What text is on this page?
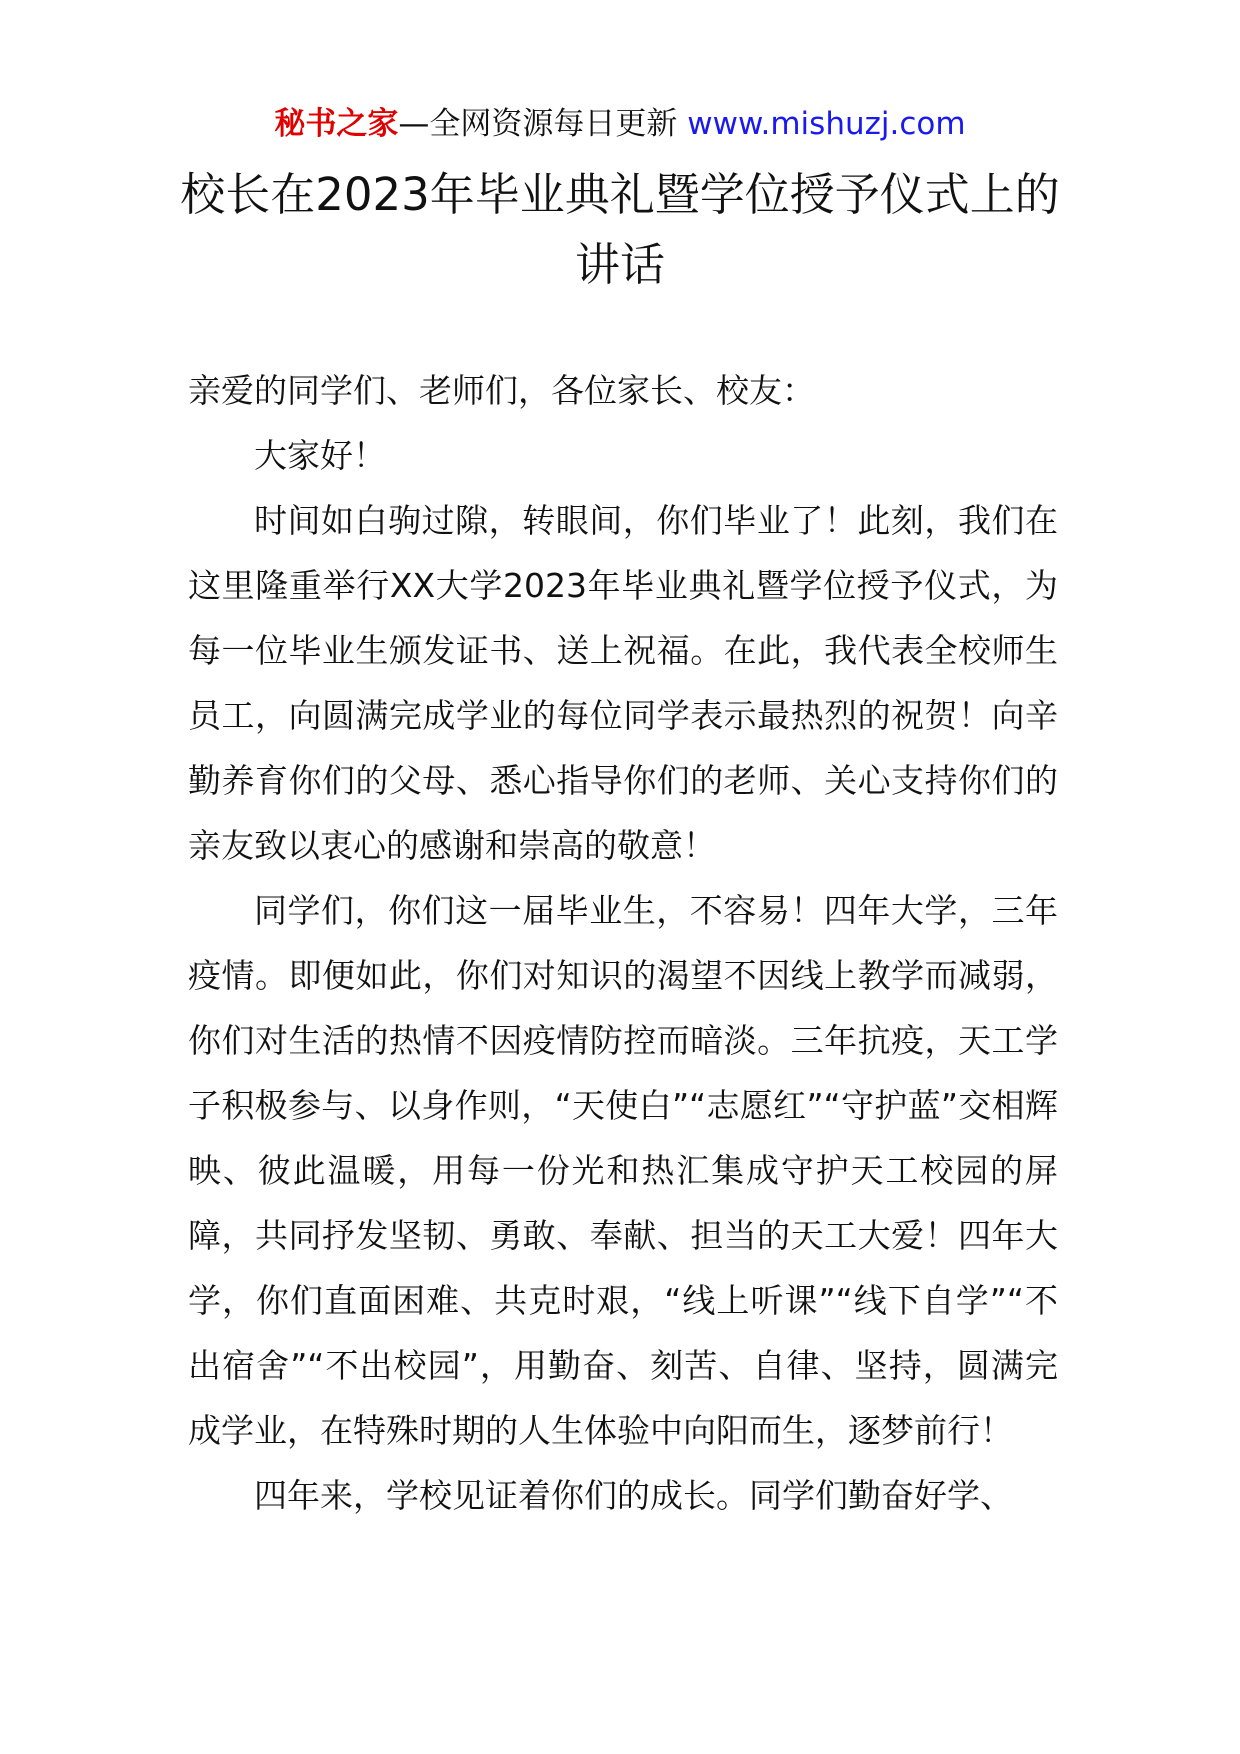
秘书之家—全网资源每日更新 www.mishuzj.com
校长在2023年毕业典礼暨学位授予仪式上的讲话

亲爱的同学们、老师们，各位家长、校友：

大家好！

时间如白驹过隙，转眼间，你们毕业了！此刻，我们在这里隆重举行XX大学2023年毕业典礼暨学位授予仪式，为每一位毕业生颁发证书、送上祝福。在此，我代表全校师生员工，向圆满完成学业的每位同学表示最热烈的祝贺！向辛勤养育你们的父母、悉心指导你们的老师、关心支持你们的亲友致以衷心的感谢和崇高的敬意！

同学们，你们这一届毕业生，不容易！四年大学，三年疫情。即便如此，你们对知识的渴望不因线上教学而减弱，你们对生活的热情不因疫情防控而暗淡。三年抗疫，天工学子积极参与、以身作则，“天使白”“志愿红”“守护蓝”交相辉映、彼此温暖，用每一份光和热汇集成守护天工校园的屏障，共同抒发坚韧、勇敢、奉献、担当的天工大爱！四年大学，你们直面困难、共克时艰，“线上听课”“线下自学”“不出宿舍”“不出校园”，用勤奋、刻苦、自律、坚持，圆满完成学业，在特殊时期的人生体验中向阳而生，逐梦前行！

四年来，学校见证着你们的成长。同学们勤奋好学、
